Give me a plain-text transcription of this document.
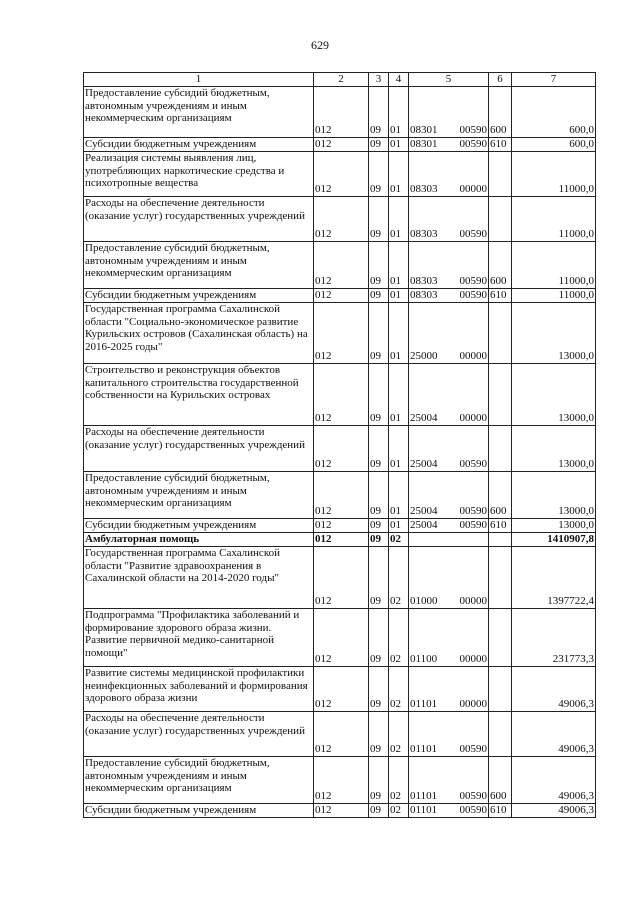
629
1	2	3	4	5	6	7
Предоставление субсидий бюджетным, автономным учреждениям и иным некоммерческим организациям	012	09	01	08301 00590	600	600,0
Субсидии бюджетным учреждениям	012	09	01	08301 00590	610	600,0
Реализация системы выявления лиц, употребляющих наркотические средства и психотропные вещества	012	09	01	08303 00000		11000,0
Расходы на обеспечение деятельности (оказание услуг) государственных учреждений	012	09	01	08303 00590		11000,0
Предоставление субсидий бюджетным, автономным учреждениям и иным некоммерческим организациям	012	09	01	08303 00590	600	11000,0
Субсидии бюджетным учреждениям	012	09	01	08303 00590	610	11000,0
Государственная программа Сахалинской области "Социально-экономическое развитие Курильских островов (Сахалинская область) на 2016-2025 годы"	012	09	01	25000 00000		13000,0
Строительство и реконструкция объектов капитального строительства государственной собственности на Курильских островах	012	09	01	25004 00000		13000,0
Расходы на обеспечение деятельности (оказание услуг) государственных учреждений	012	09	01	25004 00590		13000,0
Предоставление субсидий бюджетным, автономным учреждениям и иным некоммерческим организациям	012	09	01	25004 00590	600	13000,0
Субсидии бюджетным учреждениям	012	09	01	25004 00590	610	13000,0
Амбулаторная помощь	012	09	02			1410907,8
Государственная программа Сахалинской области "Развитие здравоохранения в Сахалинской области на 2014-2020 годы"	012	09	02	01000 00000		1397722,4
Подпрограмма "Профилактика заболеваний и формирование здорового образа жизни. Развитие первичной медико-санитарной помощи"	012	09	02	01100 00000		231773,3
Развитие системы медицинской профилактики неинфекционных заболеваний и формирования здорового образа жизни	012	09	02	01101 00000		49006,3
Расходы на обеспечение деятельности (оказание услуг) государственных учреждений	012	09	02	01101 00590		49006,3
Предоставление субсидий бюджетным, автономным учреждениям и иным некоммерческим организациям	012	09	02	01101 00590	600	49006,3
Субсидии бюджетным учреждениям	012	09	02	01101 00590	610	49006,3
